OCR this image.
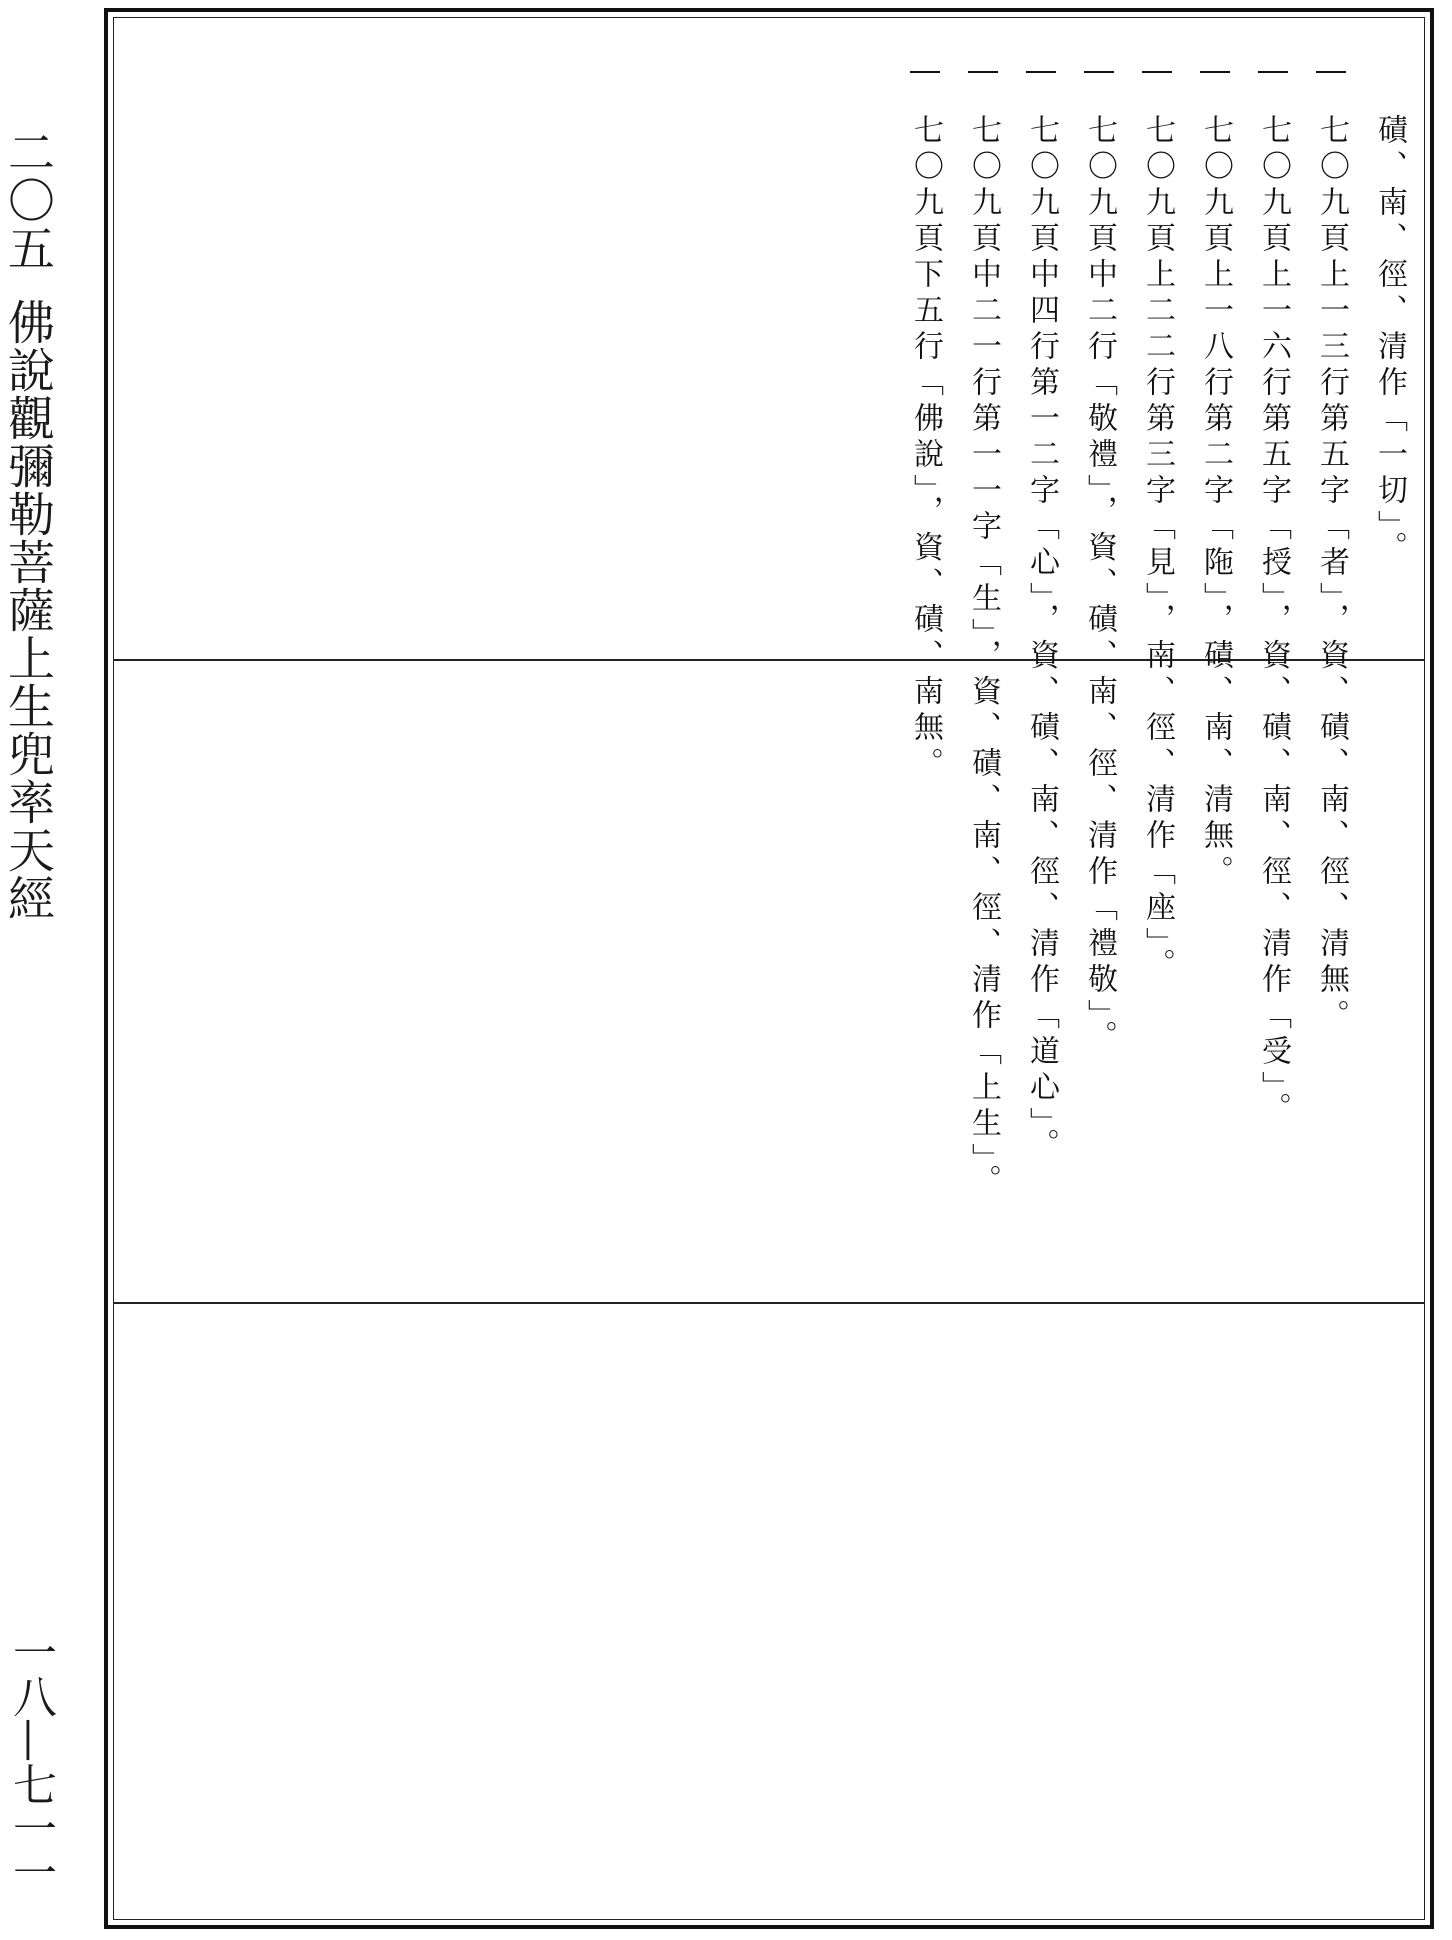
二〇五佛說觀彌勒菩薩上生兜率天經
一八—七一一
磧、南、徑、清作「一切」。
七〇九頁上一三行第五字「者」，資、磧、南、徑、清無。
七〇九頁上一六行第五字「授」，資、磧、南、徑、清作「受」。
七〇九頁上一八行第二字「陁」，磧、南、清無。
七〇九頁上二二行第三字「見」，南、徑、清作「座」。
七〇九頁中二行「敬禮」，資、磧、南、徑、清作「禮敬」。
七〇九頁中四行第一二字「心」，資、磧、南、徑、清作「道心」。
七〇九頁中二一行第一一字「生」，資、磧、南、徑、清作「上生」。
七〇九頁下五行「佛說」，資、磧、南無。
